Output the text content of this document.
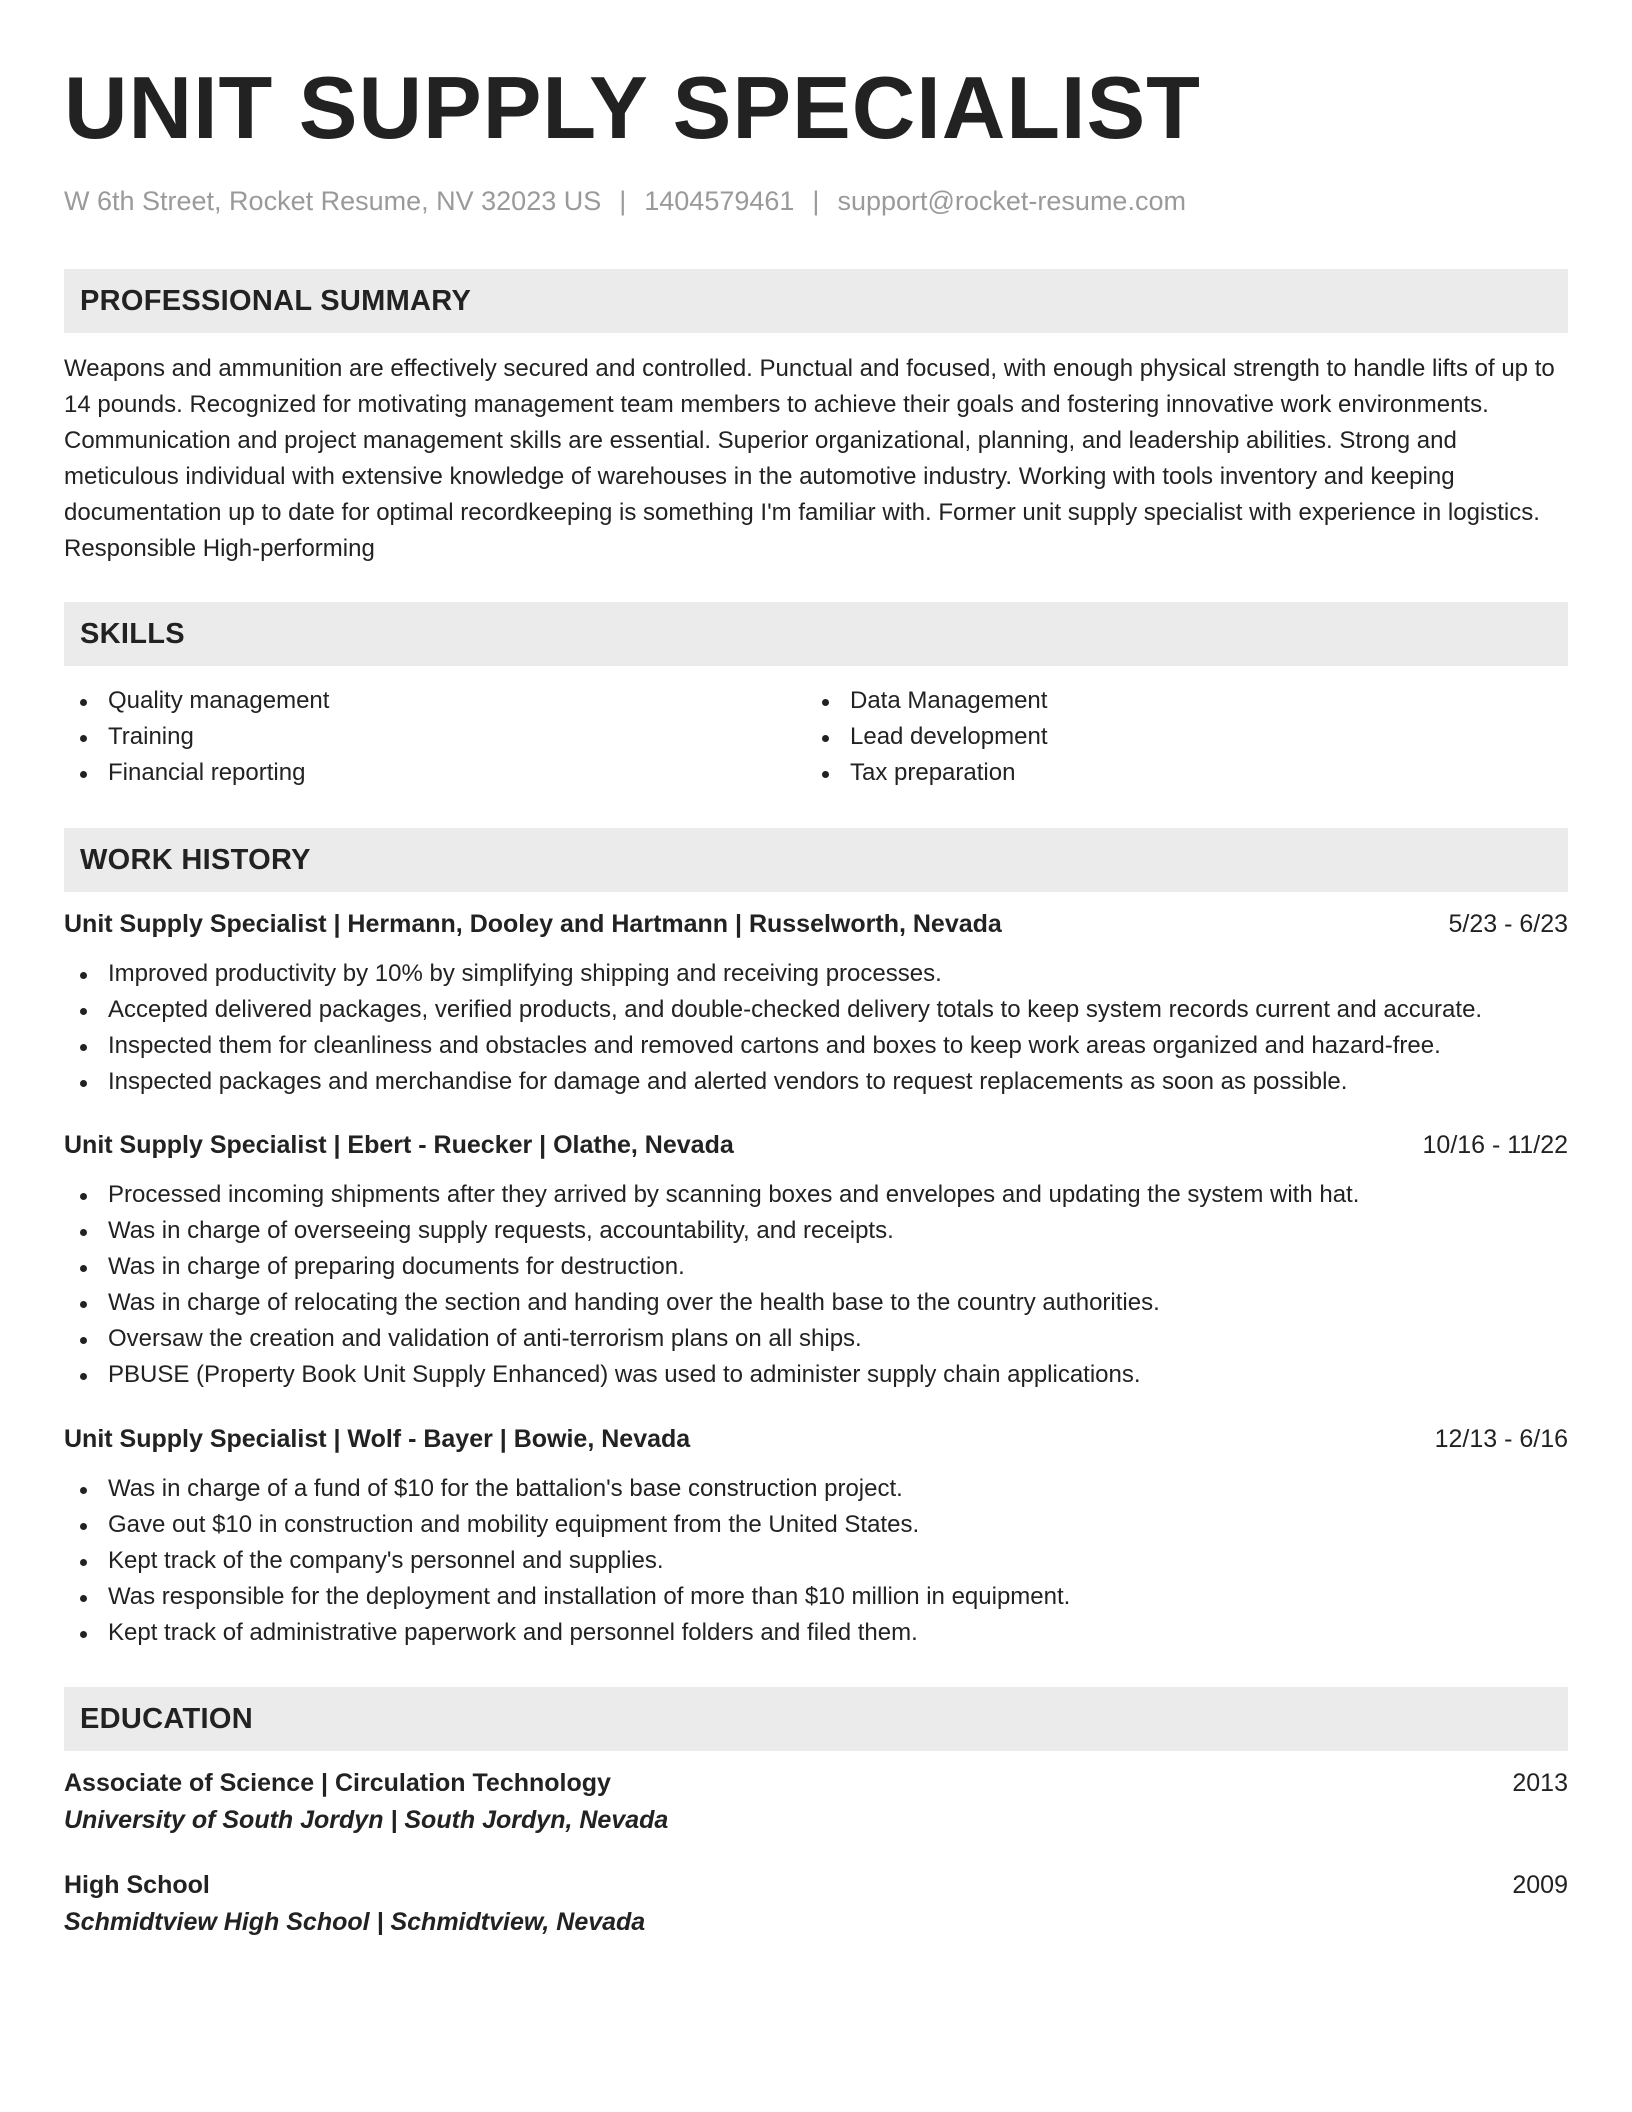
UNIT SUPPLY SPECIALIST
W 6th Street, Rocket Resume, NV 32023 US | 1404579461 | support@rocket-resume.com
PROFESSIONAL SUMMARY
Weapons and ammunition are effectively secured and controlled. Punctual and focused, with enough physical strength to handle lifts of up to 14 pounds. Recognized for motivating management team members to achieve their goals and fostering innovative work environments. Communication and project management skills are essential. Superior organizational, planning, and leadership abilities. Strong and meticulous individual with extensive knowledge of warehouses in the automotive industry. Working with tools inventory and keeping documentation up to date for optimal recordkeeping is something I'm familiar with. Former unit supply specialist with experience in logistics. Responsible High-performing
SKILLS
Quality management
Training
Financial reporting
Data Management
Lead development
Tax preparation
WORK HISTORY
Unit Supply Specialist | Hermann, Dooley and Hartmann | Russelworth, Nevada	5/23 - 6/23
Improved productivity by 10% by simplifying shipping and receiving processes.
Accepted delivered packages, verified products, and double-checked delivery totals to keep system records current and accurate.
Inspected them for cleanliness and obstacles and removed cartons and boxes to keep work areas organized and hazard-free.
Inspected packages and merchandise for damage and alerted vendors to request replacements as soon as possible.
Unit Supply Specialist | Ebert - Ruecker | Olathe, Nevada	10/16 - 11/22
Processed incoming shipments after they arrived by scanning boxes and envelopes and updating the system with hat.
Was in charge of overseeing supply requests, accountability, and receipts.
Was in charge of preparing documents for destruction.
Was in charge of relocating the section and handing over the health base to the country authorities.
Oversaw the creation and validation of anti-terrorism plans on all ships.
PBUSE (Property Book Unit Supply Enhanced) was used to administer supply chain applications.
Unit Supply Specialist | Wolf - Bayer | Bowie, Nevada	12/13 - 6/16
Was in charge of a fund of $10 for the battalion's base construction project.
Gave out $10 in construction and mobility equipment from the United States.
Kept track of the company's personnel and supplies.
Was responsible for the deployment and installation of more than $10 million in equipment.
Kept track of administrative paperwork and personnel folders and filed them.
EDUCATION
Associate of Science | Circulation Technology	2013
University of South Jordyn | South Jordyn, Nevada
High School	2009
Schmidtview High School | Schmidtview, Nevada
